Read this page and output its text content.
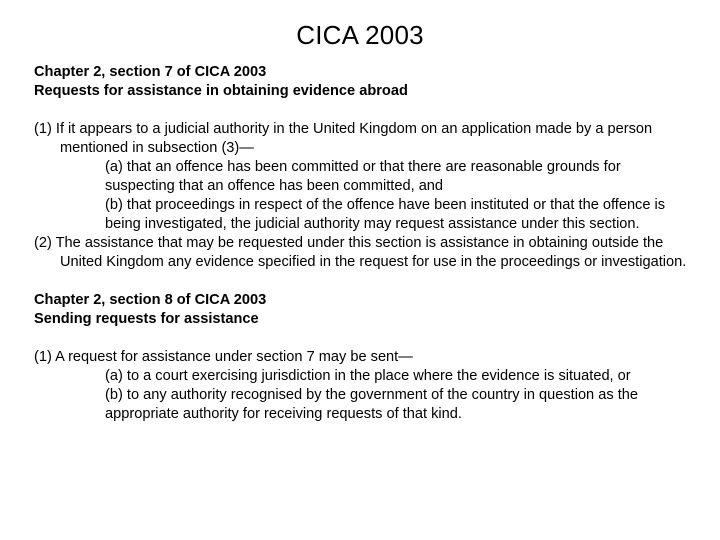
CICA 2003
Chapter 2, section 7 of CICA 2003
Requests for assistance in obtaining evidence abroad
(1) If it appears to a judicial authority in the United Kingdom on an application made by a person mentioned in subsection (3)—
(a) that an offence has been committed or that there are reasonable grounds for suspecting that an offence has been committed, and
(b) that proceedings in respect of the offence have been instituted or that the offence is being investigated, the judicial authority may request assistance under this section.
(2) The assistance that may be requested under this section is assistance in obtaining outside the United Kingdom any evidence specified in the request for use in the proceedings or investigation.
Chapter 2, section 8 of CICA 2003
Sending requests for assistance
(1) A request for assistance under section 7 may be sent—
(a) to a court exercising jurisdiction in the place where the evidence is situated, or
(b) to any authority recognised by the government of the country in question as the appropriate authority for receiving requests of that kind.
